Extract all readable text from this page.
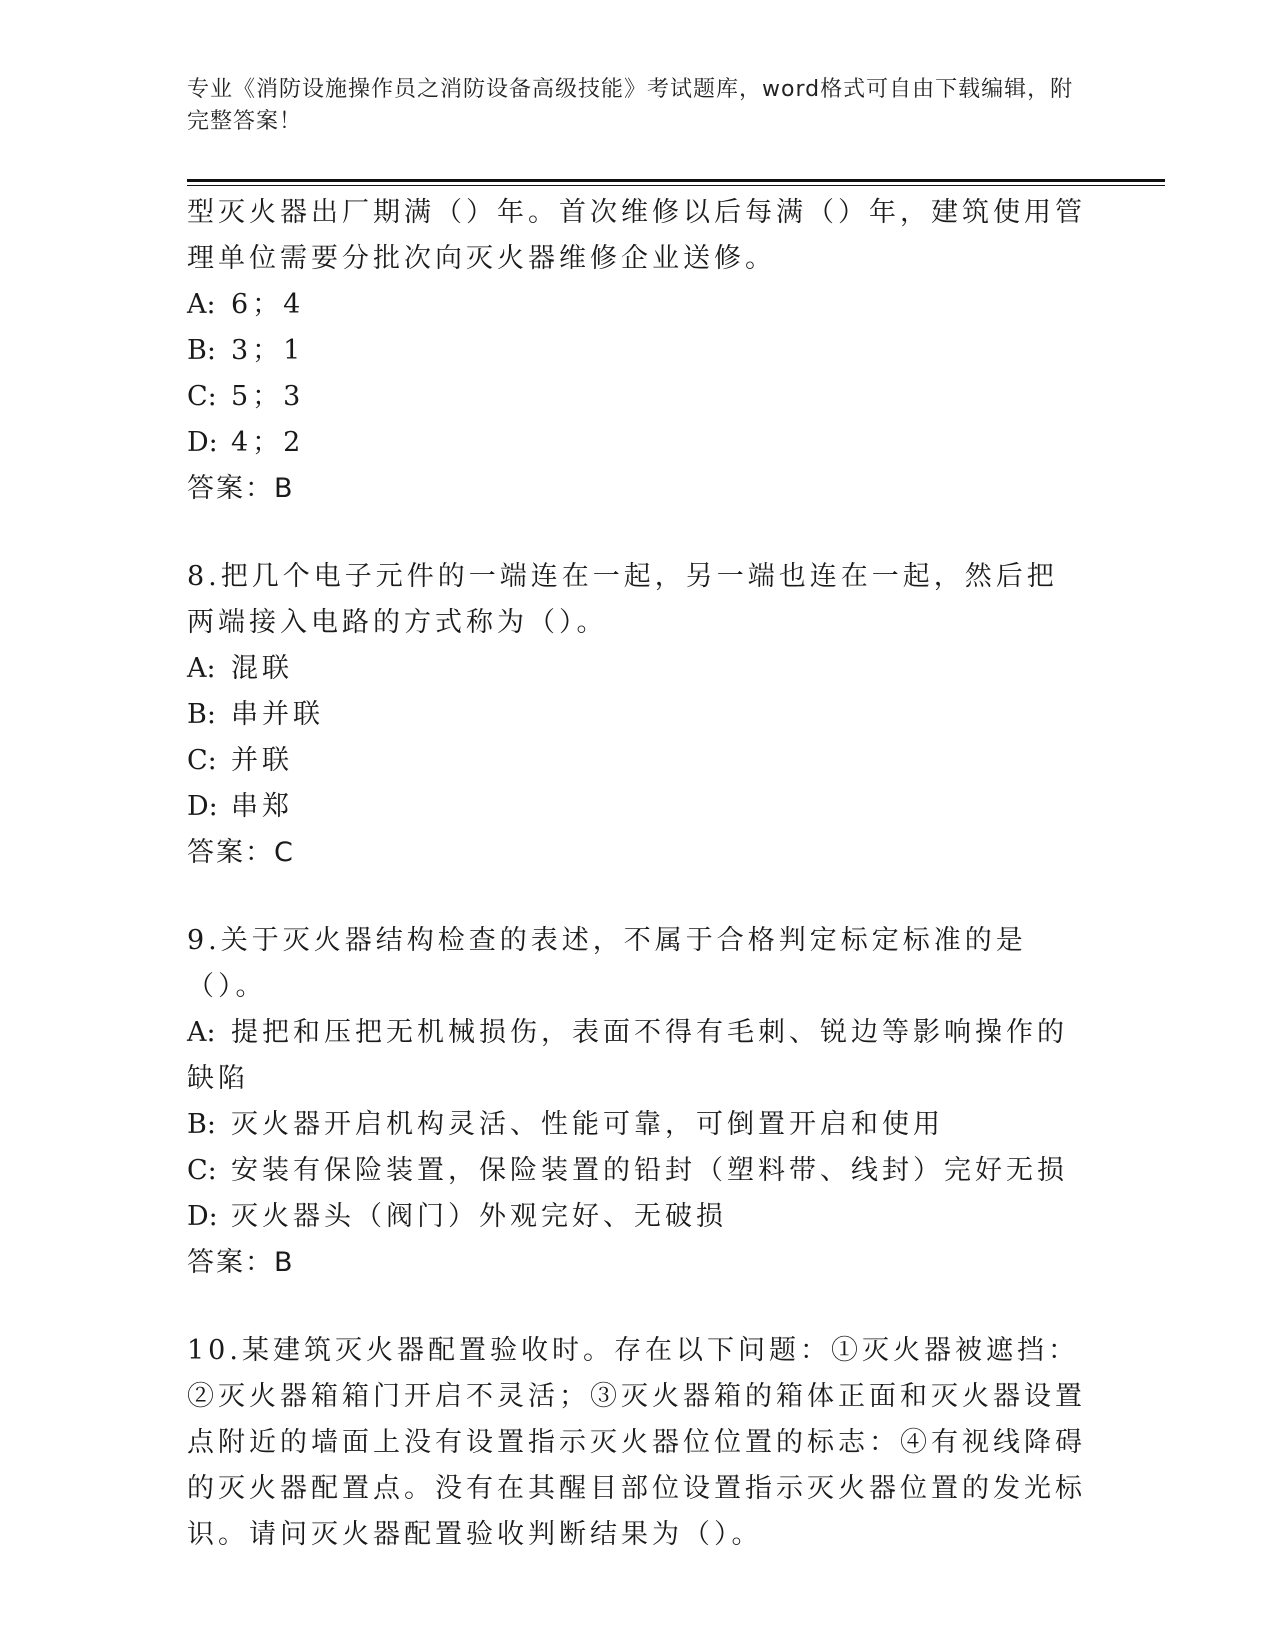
专业《消防设施操作员之消防设备高级技能》考试题库，word格式可自由下载编辑，附完整答案！

型灭火器出厂期满（）年。首次维修以后每满（）年，建筑使用管理单位需要分批次向灭火器维修企业送修。

A: 6；4

B: 3；1

C: 5；3

D: 4；2

答案：B

8.把几个电子元件的一端连在一起，另一端也连在一起，然后把两端接入电路的方式称为（）。

A: 混联

B: 串并联

C: 并联

D: 串郑

答案：C

9.关于灭火器结构检查的表述，不属于合格判定标定标准的是（）。

A: 提把和压把无机械损伤，表面不得有毛刺、锐边等影响操作的缺陷

B: 灭火器开启机构灵活、性能可靠，可倒置开启和使用

C: 安装有保险装置，保险装置的铅封（塑料带、线封）完好无损

D: 灭火器头（阀门）外观完好、无破损

答案：B

10.某建筑灭火器配置验收时。存在以下问题：①灭火器被遮挡：②灭火器箱箱门开启不灵活；③灭火器箱的箱体正面和灭火器设置点附近的墙面上没有设置指示灭火器位位置的标志：④有视线降碍的灭火器配置点。没有在其醒目部位设置指示灭火器位置的发光标识。请问灭火器配置验收判断结果为（）。
